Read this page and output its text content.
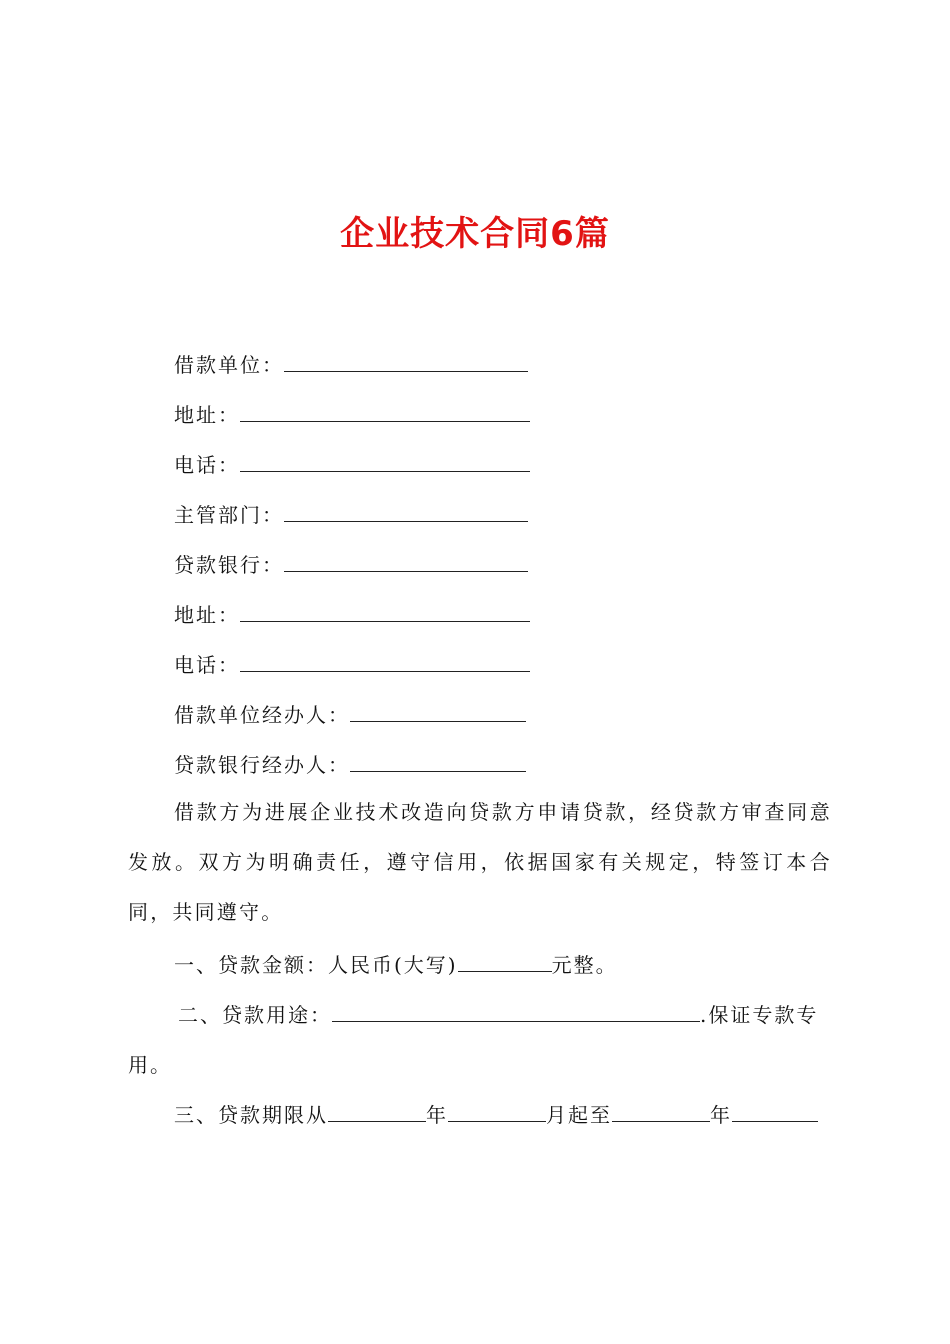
企业技术合同6篇
借款单位：
地址：
电话：
主管部门：
贷款银行：
地址：
电话：
借款单位经办人：
贷款银行经办人：
借款方为进展企业技术改造向贷款方申请贷款，经贷款方审查同意发放。双方为明确责任，遵守信用，依据国家有关规定，特签订本合同，共同遵守。
一、贷款金额：人民币(大写)	元整。
二、贷款用途：	.保证专款专
用。
三、贷款期限从	年	月起至	年
